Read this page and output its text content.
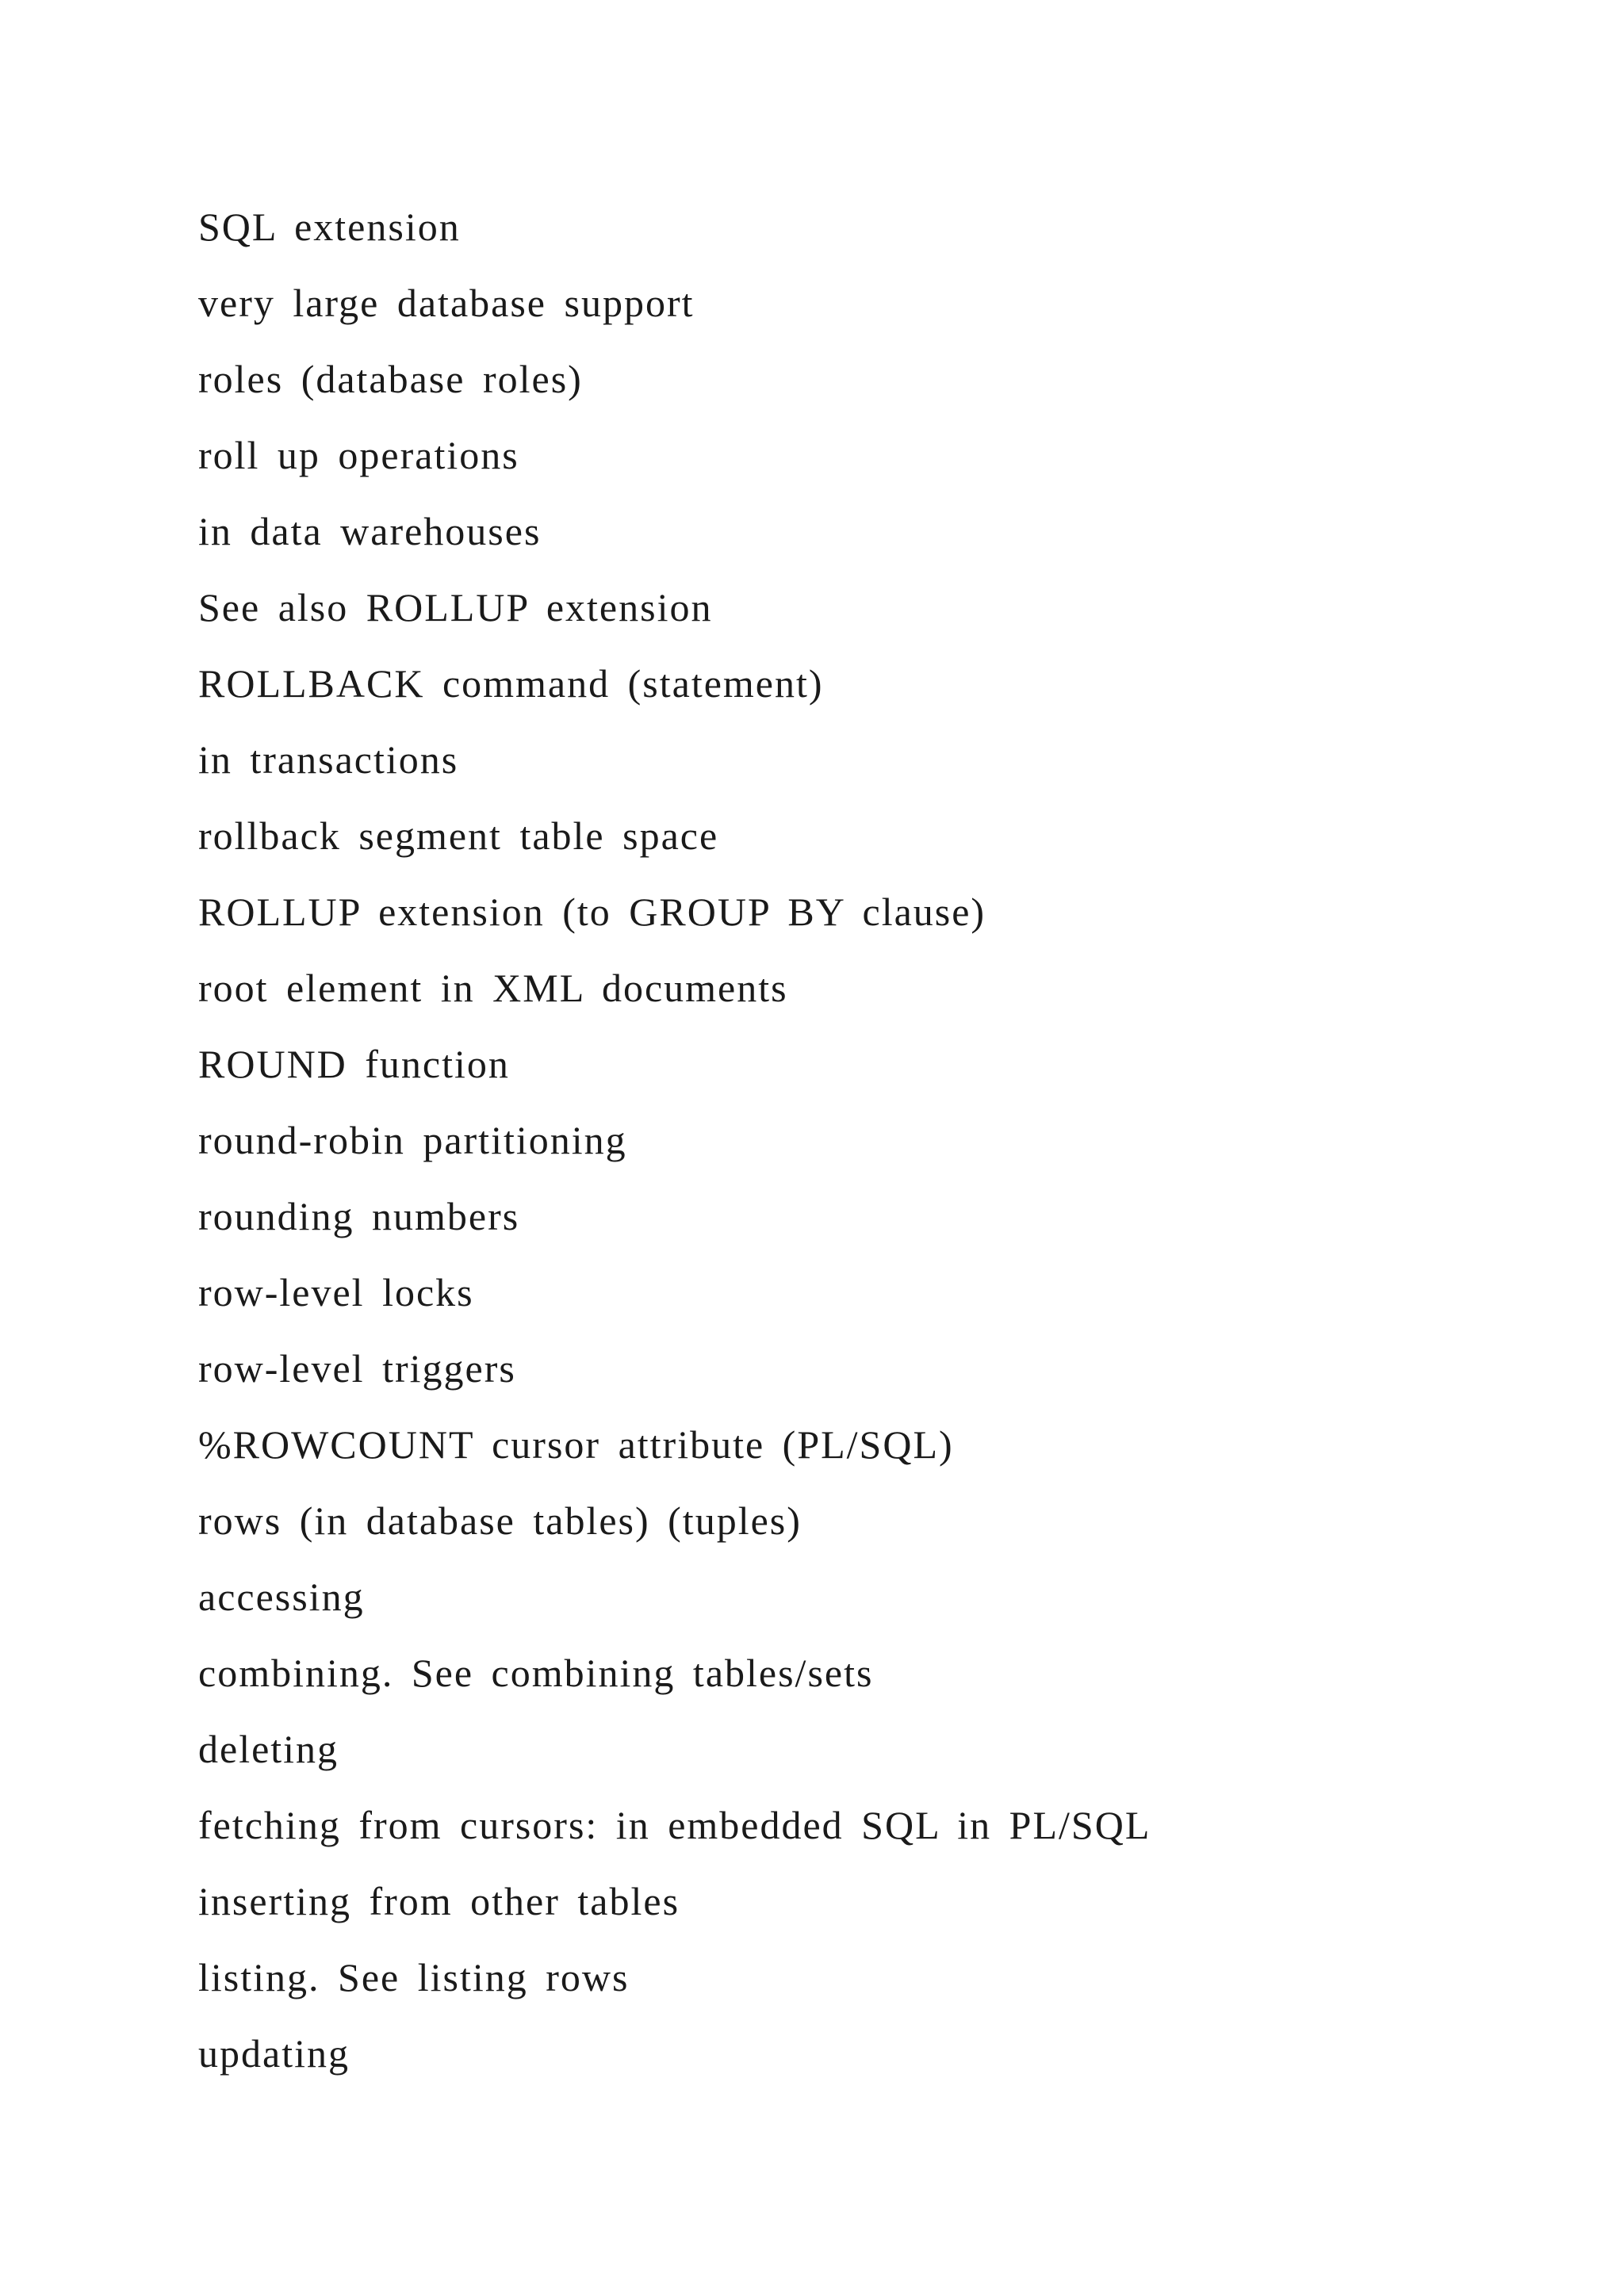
SQL extension
very large database support
roles (database roles)
roll up operations
in data warehouses
See also ROLLUP extension
ROLLBACK command (statement)
in transactions
rollback segment table space
ROLLUP extension (to GROUP BY clause)
root element in XML documents
ROUND function
round-robin partitioning
rounding numbers
row-level locks
row-level triggers
%ROWCOUNT cursor attribute (PL/SQL)
rows (in database tables) (tuples)
accessing
combining. See combining tables/sets
deleting
fetching from cursors: in embedded SQL in PL/SQL
inserting from other tables
listing. See listing rows
updating
